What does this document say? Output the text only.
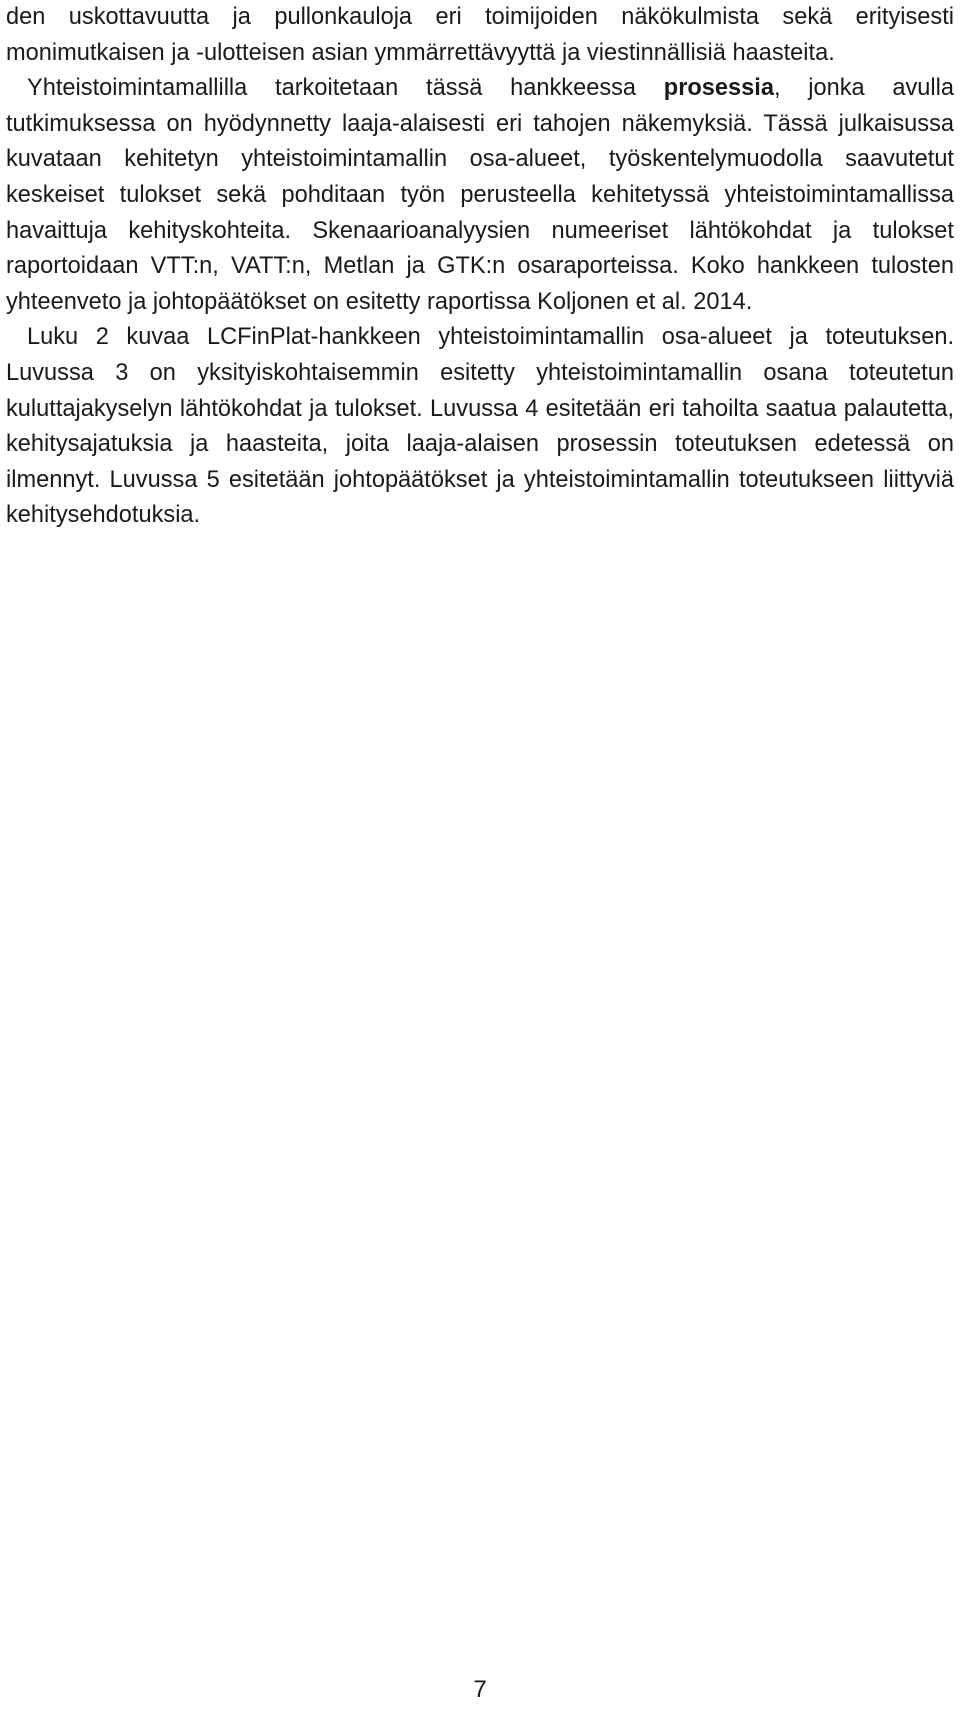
den uskottavuutta ja pullonkauloja eri toimijoiden näkökulmista sekä erityisesti monimutkaisen ja -ulotteisen asian ymmärrettävyyttä ja viestinnällisiä haasteita.

Yhteistoimintamallilla tarkoitetaan tässä hankkeessa prosessia, jonka avulla tutkimuksessa on hyödynnetty laaja-alaisesti eri tahojen näkemyksiä. Tässä julkaisussa kuvataan kehitetyn yhteistoimintamallin osa-alueet, työskentelymuodolla saavutetut keskeiset tulokset sekä pohditaan työn perusteella kehitetyssä yhteistoimintamallissa havaittuja kehityskohteita. Skenaarioanalyysien numeeriset lähtökohdat ja tulokset raportoidaan VTT:n, VATT:n, Metlan ja GTK:n osaraporteissa. Koko hankkeen tulosten yhteenveto ja johtopäätökset on esitetty raportissa Koljonen et al. 2014.

Luku 2 kuvaa LCFinPlat-hankkeen yhteistoimintamallin osa-alueet ja toteutuksen. Luvussa 3 on yksityiskohtaisemmin esitetty yhteistoimintamallin osana toteutetun kuluttajakyselyn lähtökohdat ja tulokset. Luvussa 4 esitetään eri tahoilta saatua palautetta, kehitysajatuksia ja haasteita, joita laaja-alaisen prosessin toteutuksen edetessä on ilmennyt. Luvussa 5 esitetään johtopäätökset ja yhteistoimintamallin toteutukseen liittyviä kehitysehdotuksia.

7
